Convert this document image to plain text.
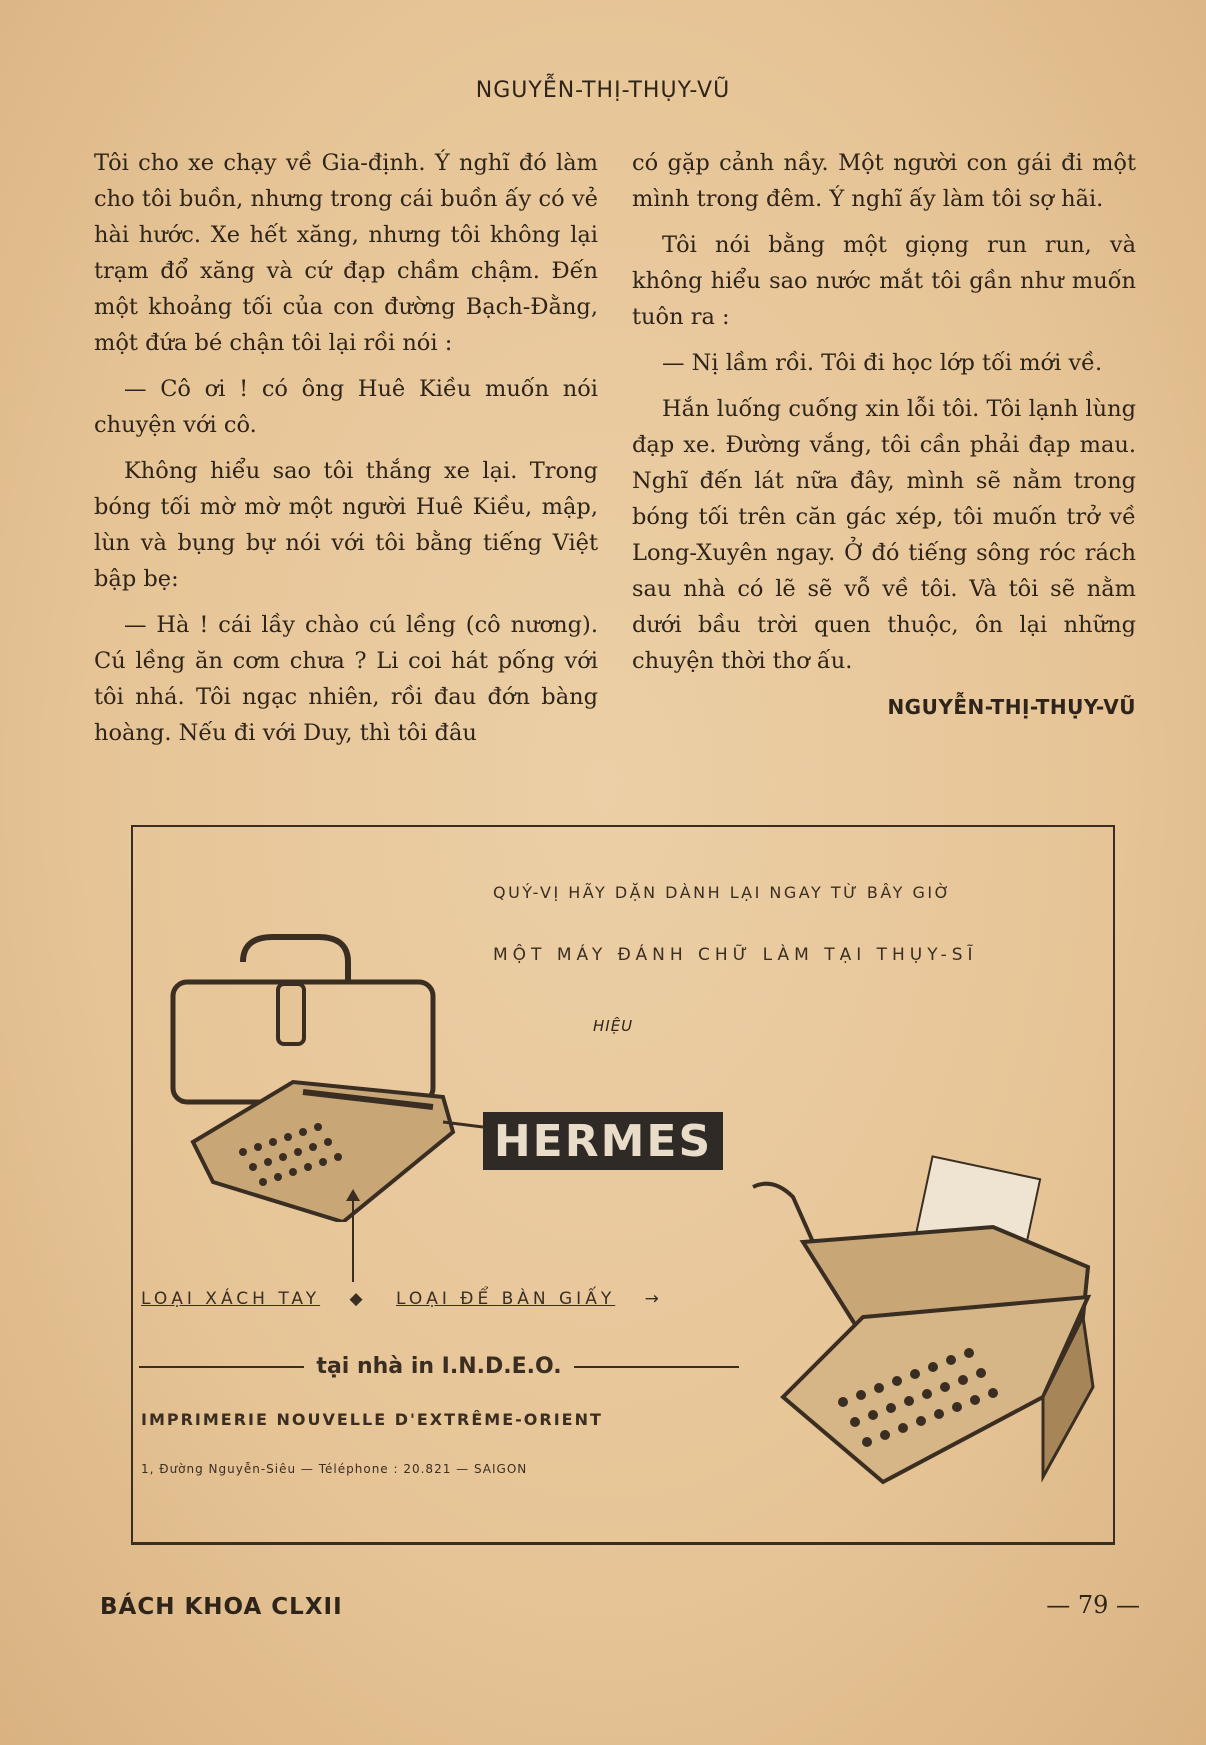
NGUYỄN-THỊ-THỤY-VŨ

Tôi cho xe chạy về Gia-định. Ý nghĩ đó làm cho tôi buồn, nhưng trong cái buồn ấy có vẻ hài hước. Xe hết xăng, nhưng tôi không lại trạm đổ xăng và cứ đạp chầm chậm. Đến một khoảng tối của con đường Bạch-Đằng, một đứa bé chận tôi lại rồi nói :

— Cô ơi ! có ông Huê Kiều muốn nói chuyện với cô.

Không hiểu sao tôi thắng xe lại. Trong bóng tối mờ mờ một người Huê Kiều, mập, lùn và bụng bự nói với tôi bằng tiếng Việt bập bẹ:

— Hà ! cái lầy chào cú lềng (cô nương). Cú lềng ăn cơm chưa ? Li coi hát pống với tôi nhá. Tôi ngạc nhiên, rồi đau đớn bàng hoàng. Nếu đi với Duy, thì tôi đâu

có gặp cảnh nầy. Một người con gái đi một mình trong đêm. Ý nghĩ ấy làm tôi sợ hãi.

Tôi nói bằng một giọng run run, và không hiểu sao nước mắt tôi gần như muốn tuôn ra :

— Nị lầm rồi. Tôi đi học lớp tối mới về.

Hắn luống cuống xin lỗi tôi. Tôi lạnh lùng đạp xe. Đường vắng, tôi cần phải đạp mau. Nghĩ đến lát nữa đây, mình sẽ nằm trong bóng tối trên căn gác xép, tôi muốn trở về Long-Xuyên ngay. Ở đó tiếng sông róc rách sau nhà có lẽ sẽ vỗ về tôi. Và tôi sẽ nằm dưới bầu trời quen thuộc, ôn lại những chuyện thời thơ ấu.

NGUYỄN-THỊ-THỤY-VŨ
QUÝ-VỊ HÃY DẶN DÀNH LẠI NGAY TỪ BÂY GIỜ
MỘT MÁY ĐÁNH CHỮ LÀM TẠI THỤY-SĨ
HIỆU
HERMES
LOẠI XÁCH TAY ◆ LOẠI ĐỂ BÀN GIẤY →
tại nhà in I.N.D.E.O.
IMPRIMERIE NOUVELLE D'EXTRÊME-ORIENT
1, Đường Nguyễn-Siêu — Téléphone : 20.821 — SAIGON
BÁCH KHOA CLXII	— 79 —
